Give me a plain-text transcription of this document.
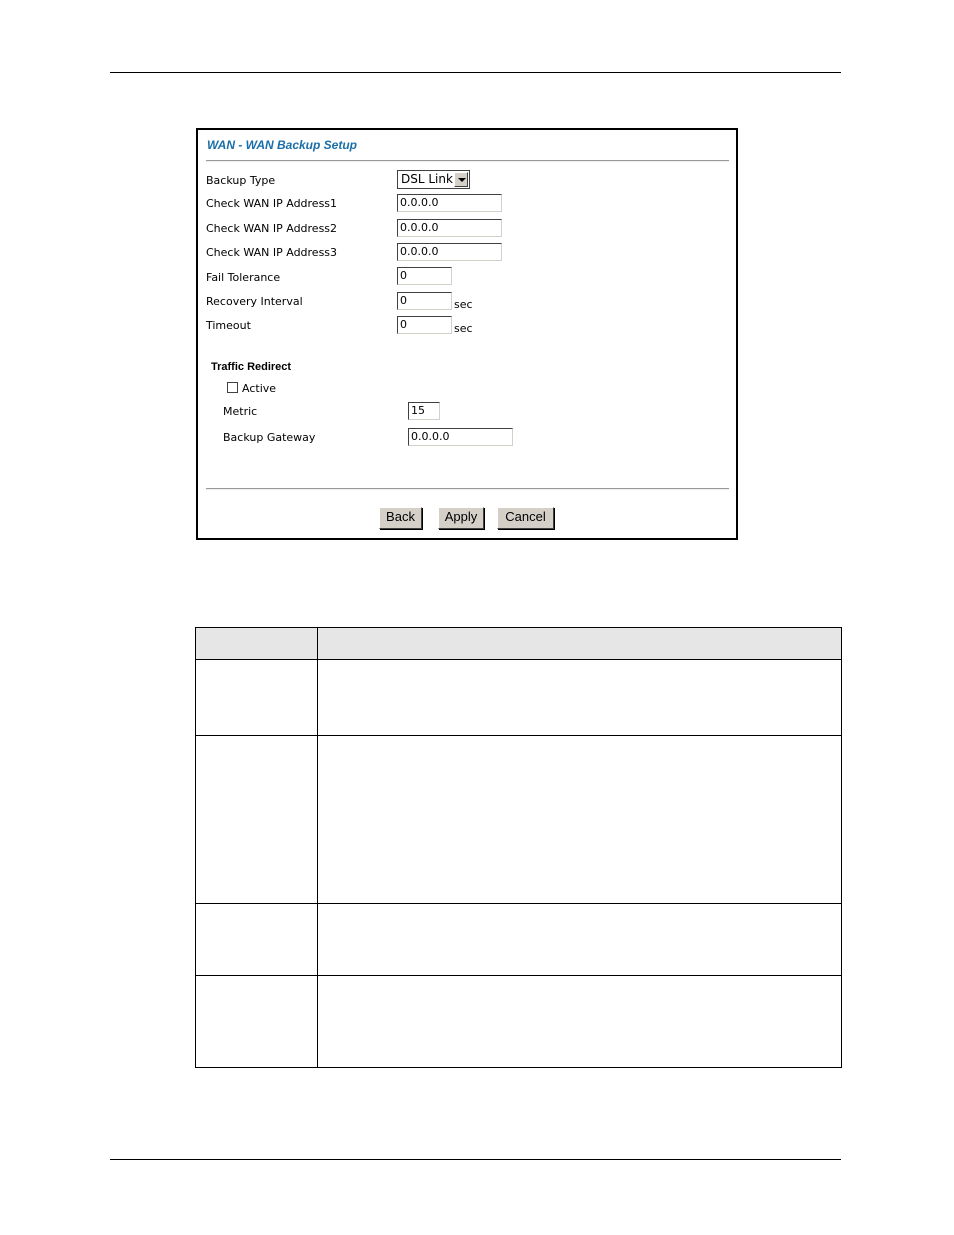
WAN - WAN Backup Setup
Backup Type	DSL Link
Check WAN IP Address1	0.0.0.0
Check WAN IP Address2	0.0.0.0
Check WAN IP Address3	0.0.0.0
Fail Tolerance	0
Recovery Interval	0	sec
Timeout	0	sec
Traffic Redirect
Active
Metric	15
Backup Gateway	0.0.0.0
Back	Apply	Cancel
